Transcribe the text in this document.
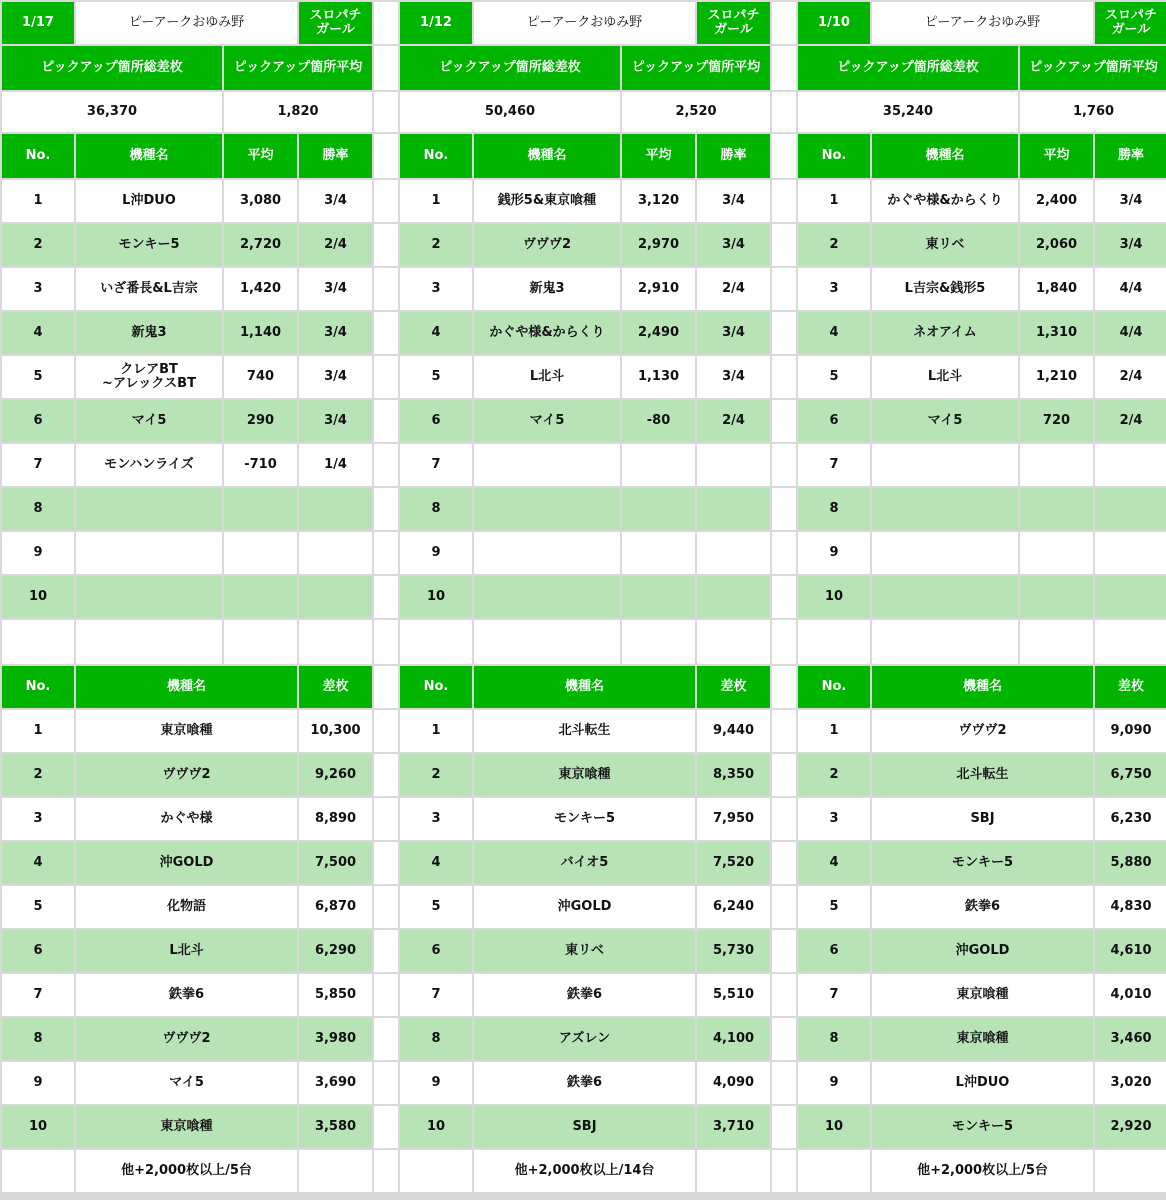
1/17	ピーアークおゆみ野	スロパチ
ガール
ピックアップ箇所総差枚	ピックアップ箇所平均
36,370	1,820
No.	機種名	平均	勝率
1	L沖DUO	3,080	3/4
2	モンキー5	2,720	2/4
3	いざ番長&L吉宗	1,420	3/4
4	新鬼3	1,140	3/4
5	クレアBT
~アレックスBT	740	3/4
6	マイ5	290	3/4
7	モンハンライズ	-710	1/4
8
9
10
No.	機種名	差枚
1	東京喰種	10,300
2	ヴヴヴ2	9,260
3	かぐや様	8,890
4	沖GOLD	7,500
5	化物語	6,870
6	L北斗	6,290
7	鉄拳6	5,850
8	ヴヴヴ2	3,980
9	マイ5	3,690
10	東京喰種	3,580
他+2,000枚以上/5台
1/12	ピーアークおゆみ野	スロパチ
ガール
ピックアップ箇所総差枚	ピックアップ箇所平均
50,460	2,520
No.	機種名	平均	勝率
1	銭形5&東京喰種	3,120	3/4
2	ヴヴヴ2	2,970	3/4
3	新鬼3	2,910	2/4
4	かぐや様&からくり	2,490	3/4
5	L北斗	1,130	3/4
6	マイ5	-80	2/4
7
8
9
10
No.	機種名	差枚
1	北斗転生	9,440
2	東京喰種	8,350
3	モンキー5	7,950
4	バイオ5	7,520
5	沖GOLD	6,240
6	東リベ	5,730
7	鉄拳6	5,510
8	アズレン	4,100
9	鉄拳6	4,090
10	SBJ	3,710
他+2,000枚以上/14台
1/10	ピーアークおゆみ野	スロパチ
ガール
ピックアップ箇所総差枚	ピックアップ箇所平均
35,240	1,760
No.	機種名	平均	勝率
1	かぐや様&からくり	2,400	3/4
2	東リベ	2,060	3/4
3	L吉宗&銭形5	1,840	4/4
4	ネオアイム	1,310	4/4
5	L北斗	1,210	2/4
6	マイ5	720	2/4
7
8
9
10
No.	機種名	差枚
1	ヴヴヴ2	9,090
2	北斗転生	6,750
3	SBJ	6,230
4	モンキー5	5,880
5	鉄拳6	4,830
6	沖GOLD	4,610
7	東京喰種	4,010
8	東京喰種	3,460
9	L沖DUO	3,020
10	モンキー5	2,920
他+2,000枚以上/5台
